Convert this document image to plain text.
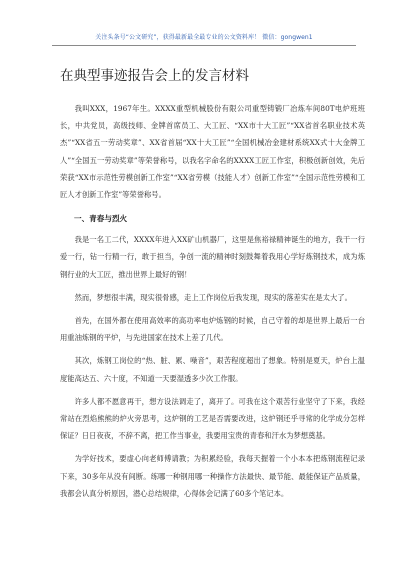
关注头条号“公文研究”，获得最新最全最专业的公文资料库！ 微信：gongwen1
在典型事迹报告会上的发言材料

我叫XXX，1967年生。XXXX重型机械股份有限公司重型铸锻厂冶炼车间80T电炉班班长，中共党员，高级技师、金牌首席员工、大工匠、“XX市十大工匠”“XX省首名职业技术英杰”“XX省五一劳动奖章”、XX省首届“XX十大工匠”“全国机械冶金建材系统XX式十大金牌工人”“全国五一劳动奖章”等荣誉称号，以我名字命名的XXXX工匠工作室，积极创新创效，先后荣获“XX市示范性劳模创新工作室”“XX省劳模（技能人才）创新工作室”“全国示范性劳模和工匠人才创新工作室”等荣誉称号。

一、青春与烈火

我是一名工二代，XXXX年进入XX矿山机器厂，这里是焦裕禄精神诞生的地方，我干一行爱一行，钻一行精一行，敢于担当，争创一流的精神时刻鼓舞着我用心学好炼钢技术，成为炼钢行业的大工匠，推出世界上最好的钢！

然而，梦想很丰满，现实很骨感，走上工作岗位后我发现，现实的落差实在是太大了。

首先，在国外都在使用高效率的高功率电炉炼钢的时候，自己守着的却是世界上最后一台用重油炼钢的平炉，与先进国家在技术上差了几代。

其次，炼钢工岗位的“热、脏、累、噪音”，艰苦程度超出了想象。特别是夏天，炉台上温度能高达五、六十度，不知道一天要湿透多少次工作服。

许多人都不愿意再干，想方设法调走了，离开了。可我在这个艰苦行业坚守了下来，我经常站在烈焰熊熊的炉火旁思考，这炉钢的工艺是否需要改进，这炉钢还乎寻常的化学成分怎样保证？日日夜夜，不辞不离，把工作当事业，我要用宝贵的青春和汗水为梦想奠基。

为学好技术，要虚心向老师傅请教；为积累经验，我每天握着一个小本本把炼钢流程记录下来，30多年从没有间断。练哪一种钢用哪一种操作方法最快、最节能、最能保证产品质量，我都会认真分析原因，潜心总结规律，心得体会记满了60多个笔记本。
